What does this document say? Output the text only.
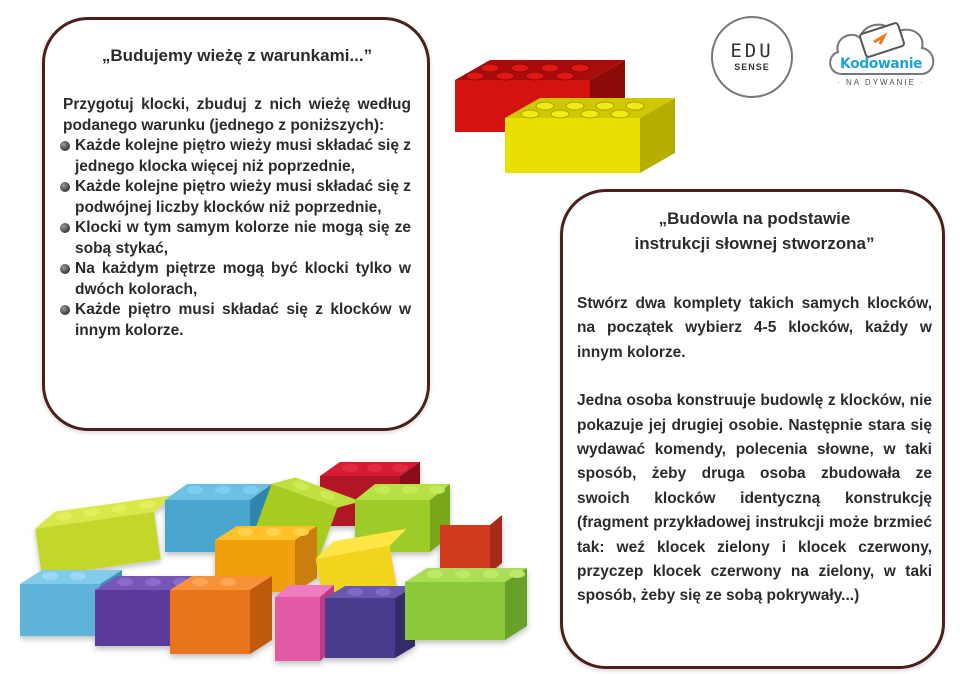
„Budujemy wieżę z warunkami...”

Przygotuj klocki, zbuduj z nich wieżę według podanego warunku (jednego z poniższych):

Każde kolejne piętro wieży musi składać się z jednego klocka więcej niż poprzednie,
Każde kolejne piętro wieży musi składać się z podwójnej liczby klocków niż poprzednie,
Klocki w tym samym kolorze nie mogą się ze sobą stykać,
Na każdym piętrze mogą być klocki tylko w dwóch kolorach,
Każde piętro musi składać się z klocków w innym kolorze.
„Budowla na podstawie
instrukcji słownej stworzona”

Stwórz dwa komplety takich samych klocków, na początek wybierz 4-5 klocków, każdy w innym kolorze.

Jedna osoba konstruuje budowlę z klocków, nie pokazuje jej drugiej osobie. Następnie stara się wydawać komendy, polecenia słowne, w taki sposób, żeby druga osoba zbudowała ze swoich klocków identyczną konstrukcję (fragment przykładowej instrukcji może brzmieć tak: weź klocek zielony i klocek czerwony, przyczep klocek czerwony na zielony, w taki sposób, żeby się ze sobą pokrywały...)

EDU
SENSE	Kodowanie
· NA DYWANIE ·
